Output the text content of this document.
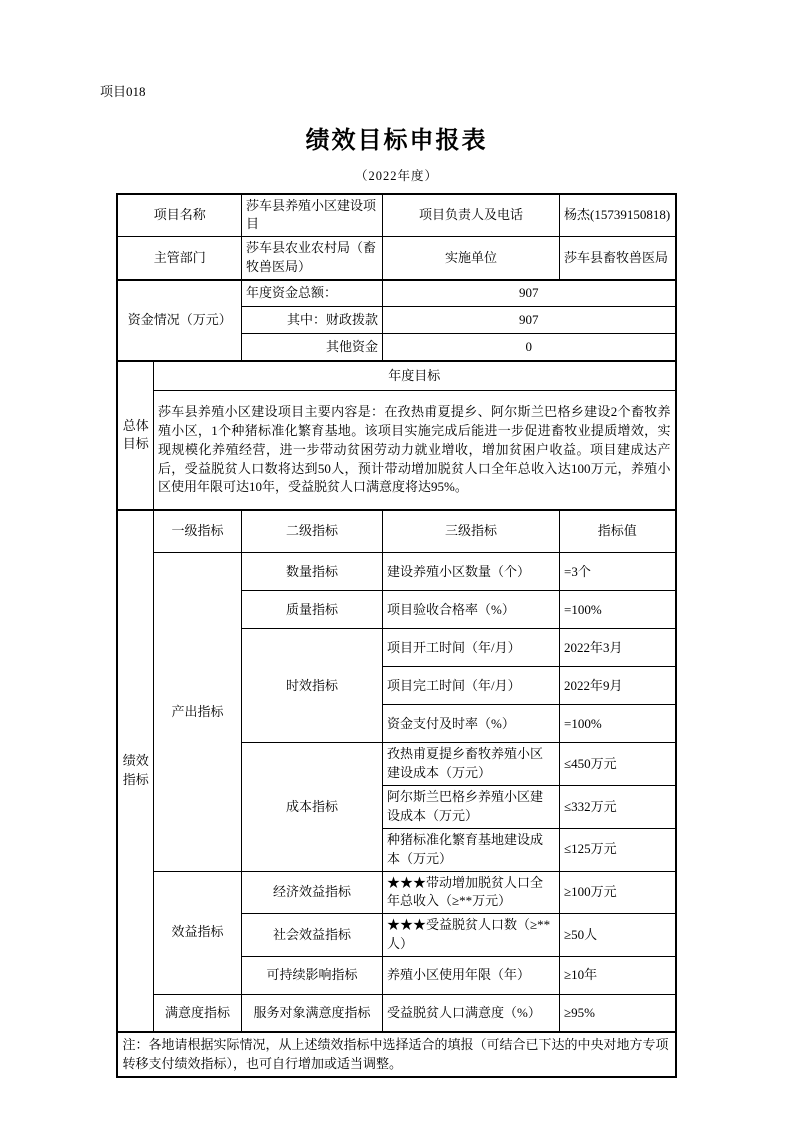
项目018
绩效目标申报表
（2022年度）
项目名称		莎车县养殖小区建设项目	项目负责人及电话	杨杰(15739150818)
主管部门		莎车县农业农村局（畜牧兽医局）	实施单位	莎车县畜牧兽医局
资金情况（万元）		年度资金总额：	907	
		其中：财政拨款	907	
		其他资金	0	
总体目标	年度目标			
	莎车县养殖小区建设项目主要内容是：在孜热甫夏提乡、阿尔斯兰巴格乡建设2个畜牧养殖小区，1个种猪标准化繁育基地。该项目实施完成后能进一步促进畜牧业提质增效，实现规模化养殖经营，进一步带动贫困劳动力就业增收，增加贫困户收益。项目建成达产后，受益脱贫人口数将达到50人，预计带动增加脱贫人口全年总收入达100万元，养殖小区使用年限可达10年，受益脱贫人口满意度将达95%。			
绩效指标	一级指标	二级指标	三级指标	指标值
	产出指标	数量指标	建设养殖小区数量（个）	=3个
		质量指标	项目验收合格率（%）	=100%
		时效指标	项目开工时间（年/月）	2022年3月
			项目完工时间（年/月）	2022年9月
			资金支付及时率（%）	=100%
		成本指标	孜热甫夏提乡畜牧养殖小区建设成本（万元）	≤450万元
			阿尔斯兰巴格乡养殖小区建设成本（万元）	≤332万元
			种猪标准化繁育基地建设成本（万元）	≤125万元
	效益指标	经济效益指标	★★★带动增加脱贫人口全年总收入（≥**万元）	≥100万元
		社会效益指标	★★★受益脱贫人口数（≥**人）	≥50人
		可持续影响指标	养殖小区使用年限（年）	≥10年
	满意度指标	服务对象满意度指标	受益脱贫人口满意度（%）	≥95%
注：各地请根据实际情况，从上述绩效指标中选择适合的填报（可结合已下达的中央对地方专项转移支付绩效指标），也可自行增加或适当调整。				
